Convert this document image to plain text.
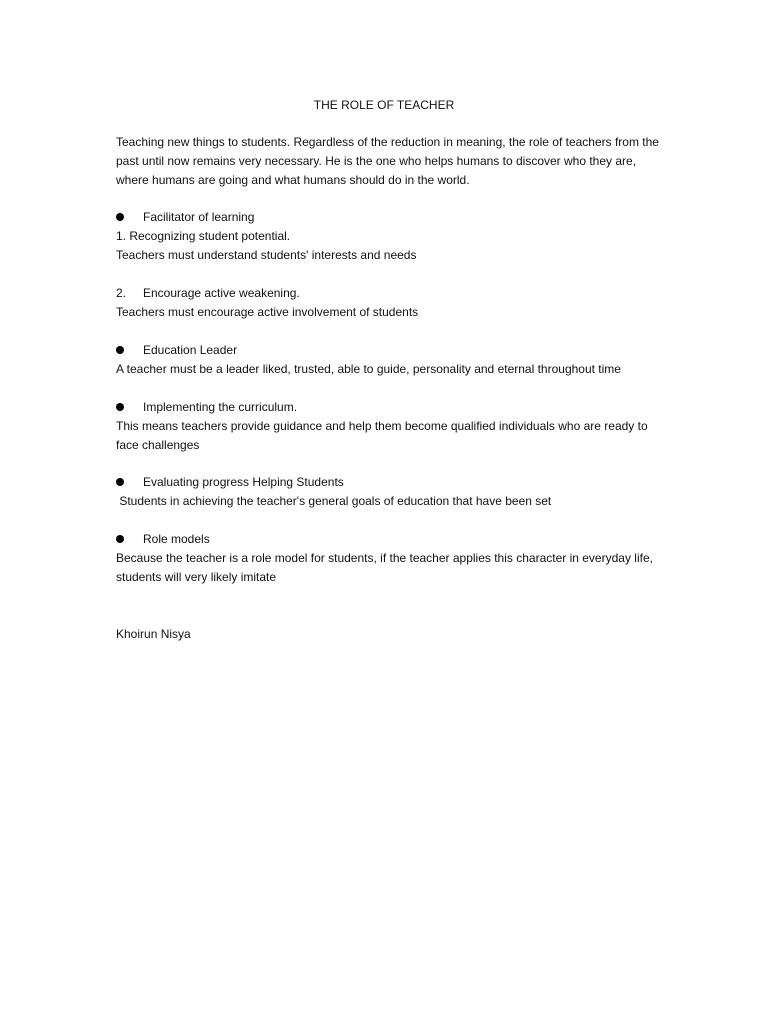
THE ROLE OF TEACHER

Teaching new things to students. Regardless of the reduction in meaning, the role of teachers from the past until now remains very necessary. He is the one who helps humans to discover who they are, where humans are going and what humans should do in the world.

Facilitator of learning
1. Recognizing student potential.
Teachers must understand students' interests and needs
2. Encourage active weakening.
Teachers must encourage active involvement of students
Education Leader
A teacher must be a leader liked, trusted, able to guide, personality and eternal throughout time
Implementing the curriculum.

This means teachers provide guidance and help them become qualified individuals who are ready to face challenges

Evaluating progress Helping Students
Students in achieving the teacher's general goals of education that have been set
Role models

Because the teacher is a role model for students, if the teacher applies this character in everyday life, students will very likely imitate

Khoirun Nisya
